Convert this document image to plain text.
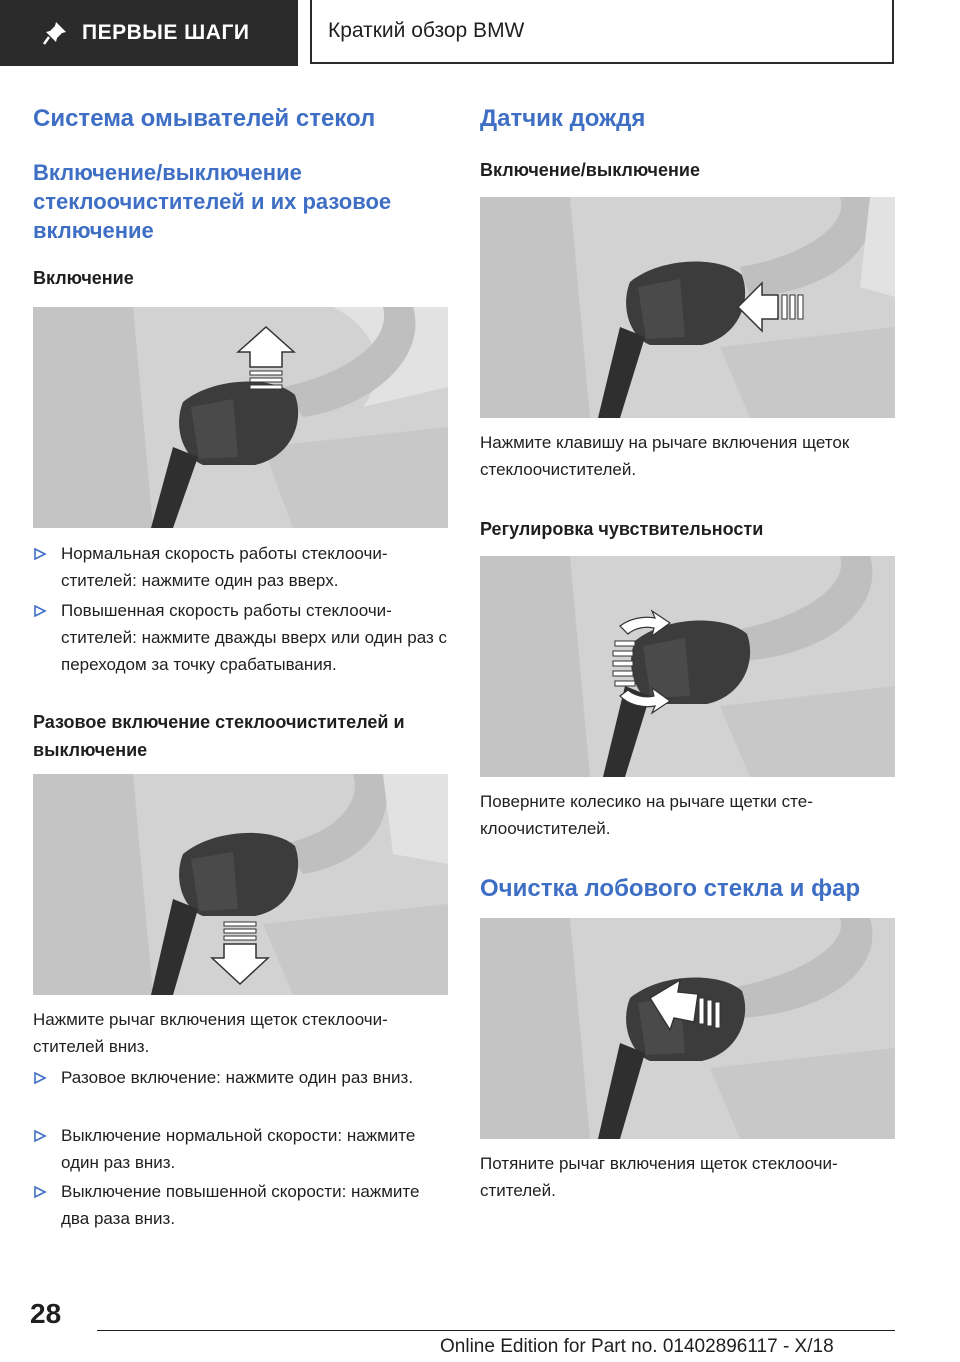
ПЕРВЫЕ ШАГИ	Краткий обзор BMW
Система омывателей стекол
Включение/выключение стеклоочистителей и их разовое включение
Включение
Нормальная скорость работы стеклоочистителей: нажмите один раз вверх.
Повышенная скорость работы стеклоочистителей: нажмите дважды вверх или один раз с переходом за точку срабатывания.
Разовое включение стеклоочистителей и выключение

Нажмите рычаг включения щеток стеклоочистителей вниз.

Разовое включение: нажмите один раз вниз.
Выключение нормальной скорости: нажмите один раз вниз.
Выключение повышенной скорости: нажмите два раза вниз.
Датчик дождя
Включение/выключение

Нажмите клавишу на рычаге включения щеток стеклоочистителей.

Регулировка чувствительности

Поверните колесико на рычаге щетки стеклоочистителей.

Очистка лобового стекла и фар

Потяните рычаг включения щеток стеклоочистителей.

28
Online Edition for Part no. 01402896117 - X/18
